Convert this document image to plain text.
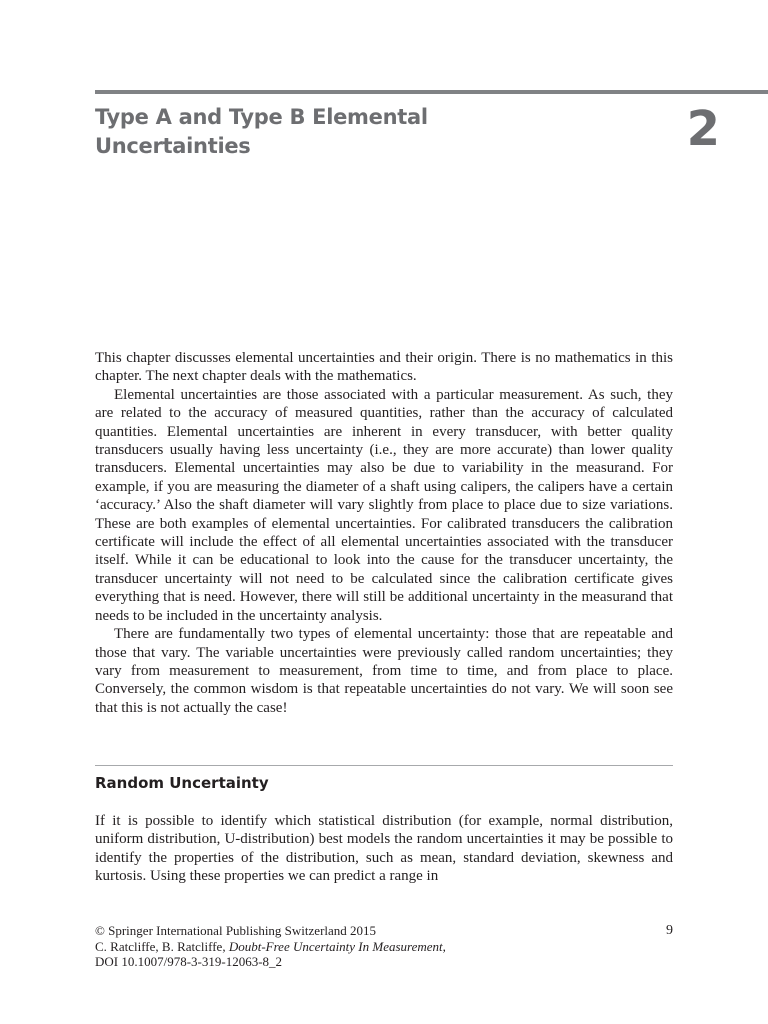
Type A and Type B Elemental Uncertainties	2

This chapter discusses elemental uncertainties and their origin. There is no mathematics in this chapter. The next chapter deals with the mathematics.

Elemental uncertainties are those associated with a particular measurement. As such, they are related to the accuracy of measured quantities, rather than the accuracy of calculated quantities. Elemental uncertainties are inherent in every transducer, with better quality transducers usually having less uncertainty (i.e., they are more accurate) than lower quality transducers. Elemental uncertainties may also be due to variability in the measurand. For example, if you are measuring the diameter of a shaft using calipers, the calipers have a certain ‘accuracy.’ Also the shaft diameter will vary slightly from place to place due to size variations. These are both examples of elemental uncertainties. For calibrated transducers the calibration certificate will include the effect of all elemental uncertainties associated with the transducer itself. While it can be educational to look into the cause for the transducer uncertainty, the transducer uncertainty will not need to be calculated since the calibration certificate gives everything that is need. However, there will still be additional uncertainty in the measurand that needs to be included in the uncertainty analysis.

There are fundamentally two types of elemental uncertainty: those that are repeatable and those that vary. The variable uncertainties were previously called random uncertainties; they vary from measurement to measurement, from time to time, and from place to place. Conversely, the common wisdom is that repeatable uncertainties do not vary. We will soon see that this is not actually the case!

Random Uncertainty

If it is possible to identify which statistical distribution (for example, normal distribution, uniform distribution, U-distribution) best models the random uncertainties it may be possible to identify the properties of the distribution, such as mean, standard deviation, skewness and kurtosis. Using these properties we can predict a range in

© Springer International Publishing Switzerland 2015
C. Ratcliffe, B. Ratcliffe, Doubt-Free Uncertainty In Measurement,
DOI 10.1007/978-3-319-12063-8_2
9
